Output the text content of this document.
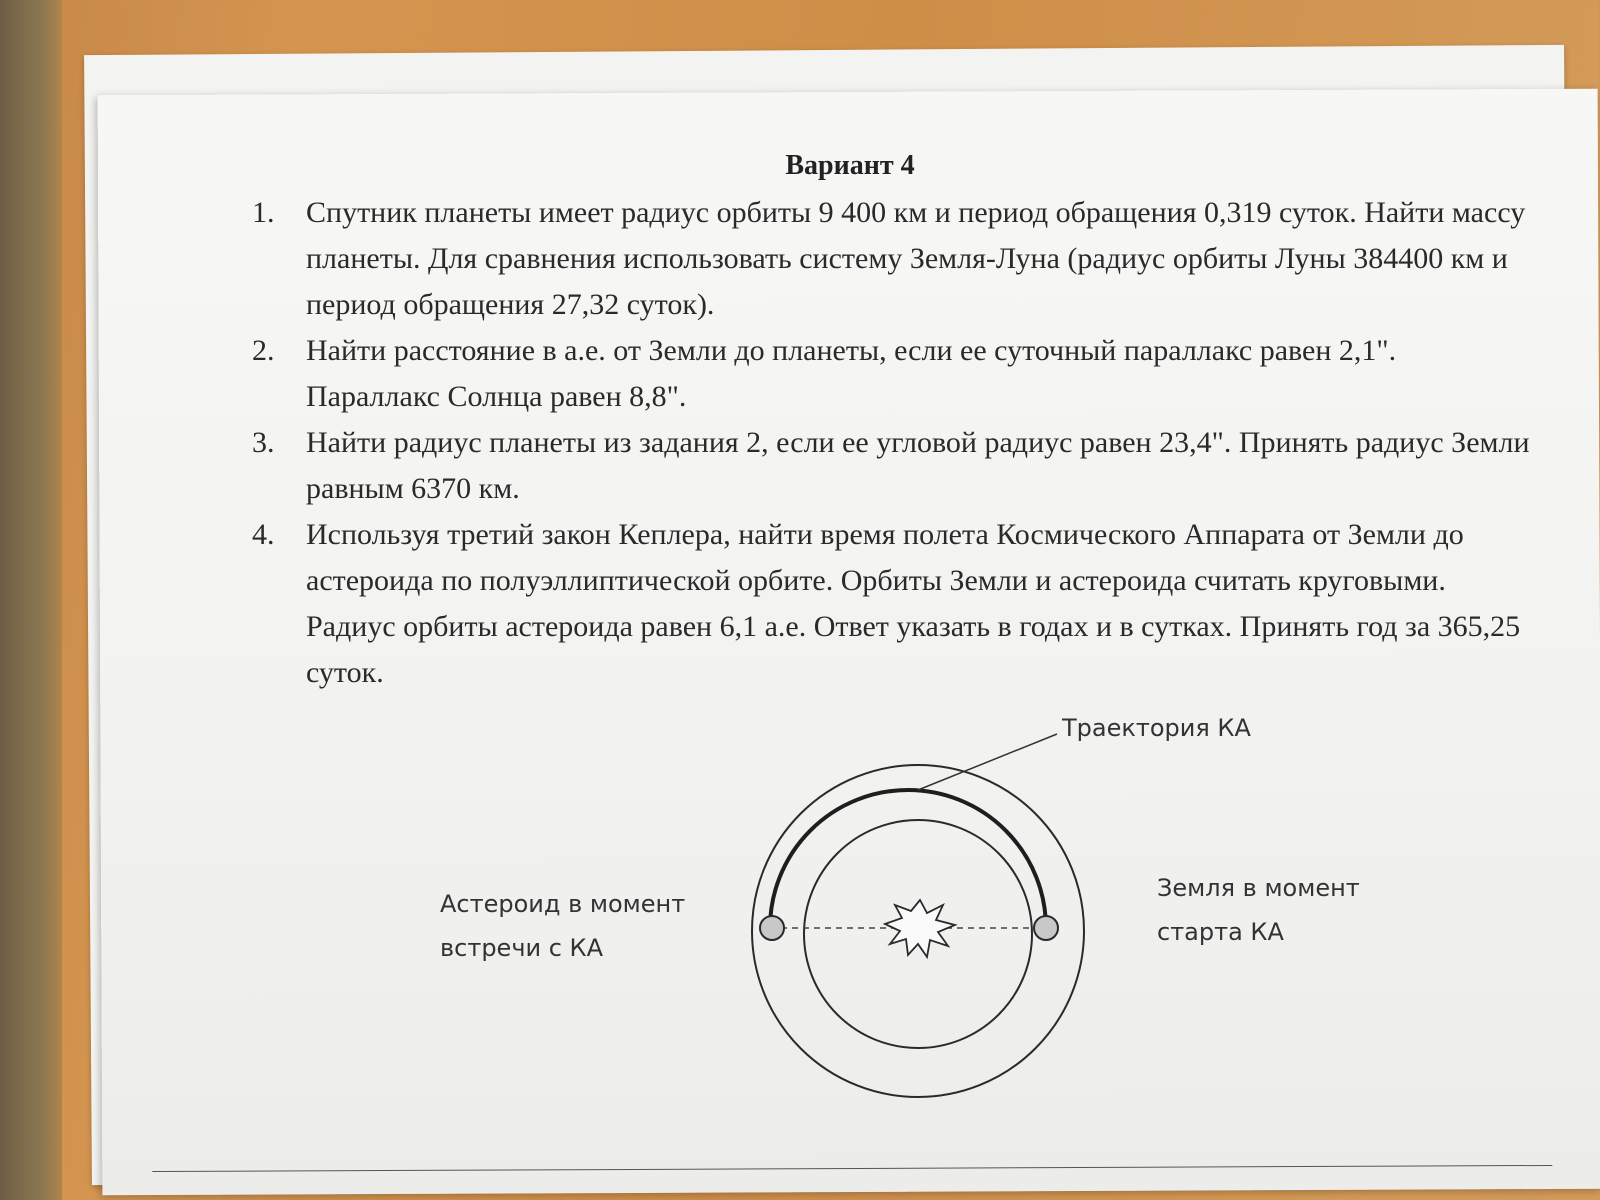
Вариант 4
1. Спутник планеты имеет радиус орбиты 9 400 км и период обращения 0,319 суток. Найти массу планеты. Для сравнения использовать систему Земля-Луна (радиус орбиты Луны 384400 км и период обращения 27,32 суток).
2. Найти расстояние в а.е. от Земли до планеты, если ее суточный параллакс равен 2,1". Параллакс Солнца равен 8,8".
3. Найти радиус планеты из задания 2, если ее угловой радиус равен 23,4". Принять радиус Земли равным 6370 км.
4. Используя третий закон Кеплера, найти время полета Космического Аппарата от Земли до астероида по полуэллиптической орбите. Орбиты Земли и астероида считать круговыми. Радиус орбиты астероида равен 6,1 а.е. Ответ указать в годах и в сутках. Принять год за 365,25 суток.
Траектория КА
Астероид в момент
встречи с КА
Земля в момент
старта КА
